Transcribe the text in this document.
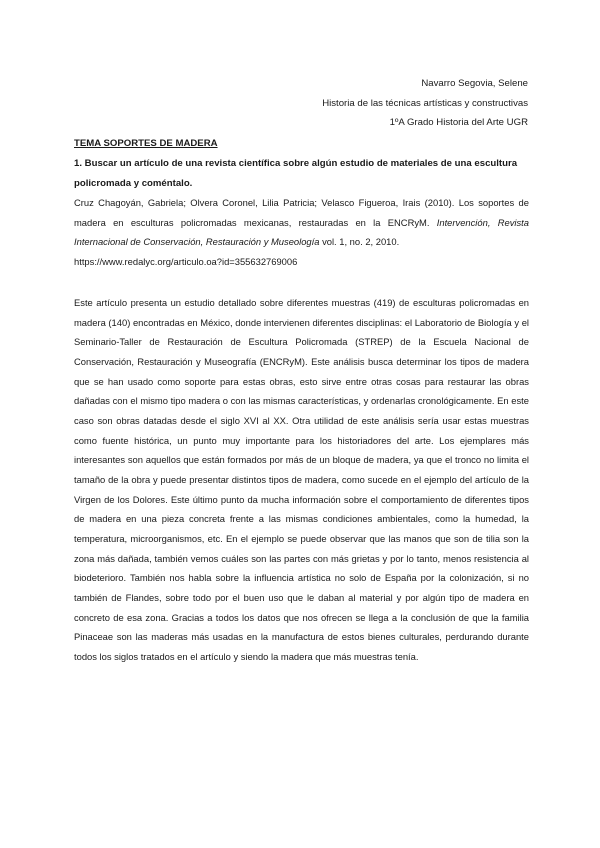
Navarro Segovia, Selene
Historia de las técnicas artísticas y constructivas
1ºA Grado Historia del Arte UGR
TEMA SOPORTES DE MADERA
1. Buscar un artículo de una revista científica sobre algún estudio de materiales de una escultura policromada y coméntalo.
Cruz Chagoyán, Gabriela; Olvera Coronel, Lilia Patricia; Velasco Figueroa, Irais (2010). Los soportes de madera en esculturas policromadas mexicanas, restauradas en la ENCRyM. Intervención, Revista Internacional de Conservación, Restauración y Museología vol. 1, no. 2, 2010.
https://www.redalyc.org/articulo.oa?id=355632769006
Este artículo presenta un estudio detallado sobre diferentes muestras (419) de esculturas policromadas en madera (140) encontradas en México, donde intervienen diferentes disciplinas: el Laboratorio de Biología y el Seminario-Taller de Restauración de Escultura Policromada (STREP) de la Escuela Nacional de Conservación, Restauración y Museografía (ENCRyM). Este análisis busca determinar los tipos de madera que se han usado como soporte para estas obras, esto sirve entre otras cosas para restaurar las obras dañadas con el mismo tipo madera o con las mismas características, y ordenarlas cronológicamente. En este caso son obras datadas desde el siglo XVI al XX. Otra utilidad de este análisis sería usar estas muestras como fuente histórica, un punto muy importante para los historiadores del arte. Los ejemplares más interesantes son aquellos que están formados por más de un bloque de madera, ya que el tronco no limita el tamaño de la obra y puede presentar distintos tipos de madera, como sucede en el ejemplo del artículo de la Virgen de los Dolores. Este último punto da mucha información sobre el comportamiento de diferentes tipos de madera en una pieza concreta frente a las mismas condiciones ambientales, como la humedad, la temperatura, microorganismos, etc. En el ejemplo se puede observar que las manos que son de tilia son la zona más dañada, también vemos cuáles son las partes con más grietas y por lo tanto, menos resistencia al biodeterioro. También nos habla sobre la influencia artística no solo de España por la colonización, si no también de Flandes, sobre todo por el buen uso que le daban al material y por algún tipo de madera en concreto de esa zona. Gracias a todos los datos que nos ofrecen se llega a la conclusión de que la familia Pinaceae son las maderas más usadas en la manufactura de estos bienes culturales, perdurando durante todos los siglos tratados en el artículo y siendo la madera que más muestras tenía.
